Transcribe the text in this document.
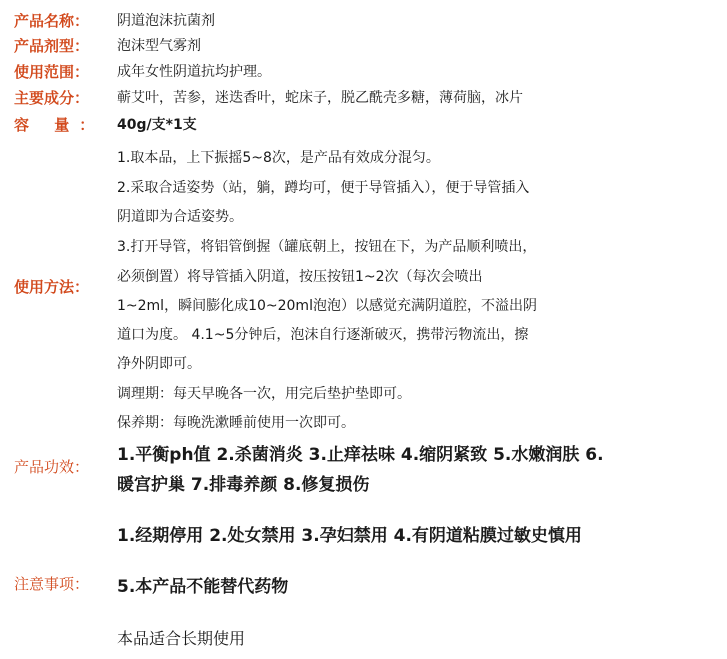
产品名称： 阴道泡沫抗菌剂
产品剂型： 泡沫型气雾剂
使用范围： 成年女性阴道抗均护理。
主要成分： 蕲艾叶，苦参，迷迭香叶，蛇床子，脱乙酰壳多糖，薄荷脑，冰片
容 量： 40g/支*1支
使用方法：
1.取本品，上下振摇5~8次，是产品有效成分混匀。
2.采取合适姿势（站，躺，蹲均可，便于导管插入），便于导管插入
阴道即为合适姿势。
3.打开导管，将铝管倒握（罐底朝上，按钮在下，为产品顺利喷出，
必须倒置）将导管插入阴道，按压按钮1~2次（每次会喷出
1~2ml，瞬间膨化成10~20ml泡泡）以感觉充满阴道腔，不溢出阴
道口为度。 4.1~5分钟后，泡沫自行逐渐破灭，携带污物流出，擦
净外阴即可。
调理期：每天早晚各一次，用完后垫护垫即可。
保养期：每晚洗漱睡前使用一次即可。
产品功效：
1.平衡ph值 2.杀菌消炎 3.止痒祛味 4.缩阴紧致 5.水嫩润肤 6.
暖宫护巢 7.排毒养颜 8.修复损伤
注意事项：
1.经期停用 2.处女禁用 3.孕妇禁用 4.有阴道粘膜过敏史慎用
5.本产品不能替代药物
本品适合长期使用
